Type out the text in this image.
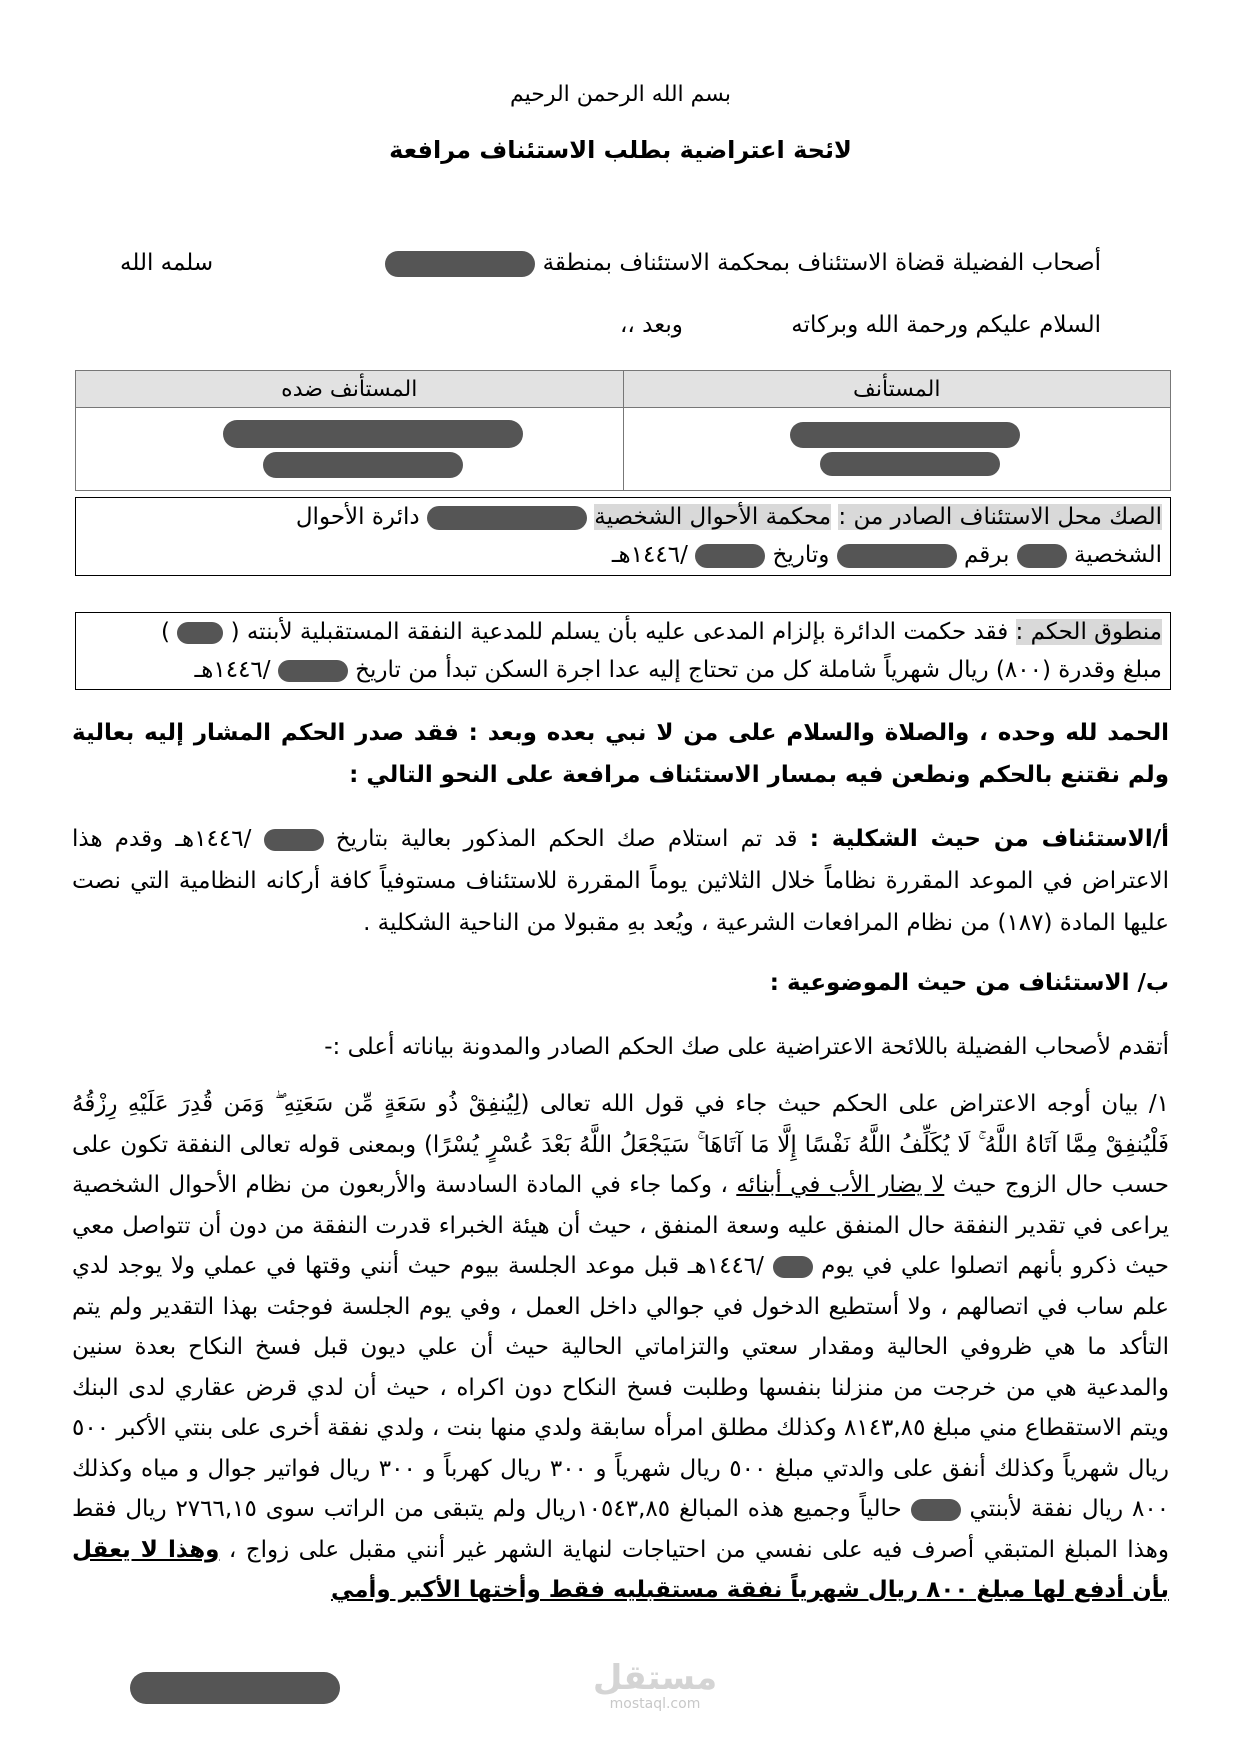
بسم الله الرحمن الرحيم
لائحة اعتراضية بطلب الاستئناف مرافعة
أصحاب الفضيلة قضاة الاستئناف بمحكمة الاستئناف بمنطقة
سلمه الله
السلام عليكم ورحمة الله وبركاته
وبعد ،،
المستأنف	المستأنف ضده

الصك محل الاستئناف الصادر من : محكمة الأحوال الشخصية  دائرة الأحوال
الشخصية  برقم  وتاريخ  /١٤٤٦هـ
منطوق الحكم : فقد حكمت الدائرة بإلزام المدعى عليه بأن يسلم للمدعية النفقة المستقبلية لأبنته (  )
مبلغ وقدرة (٨٠٠) ريال شهرياً شاملة كل من تحتاج إليه عدا اجرة السكن تبدأ من تاريخ  /١٤٤٦هـ
الحمد لله وحده ، والصلاة والسلام على من لا نبي بعده وبعد : فقد صدر الحكم المشار إليه بعالية ولم نقتنع بالحكم ونطعن فيه بمسار الاستئناف مرافعة على النحو التالي :
أ/الاستئناف من حيث الشكلية : قد تم استلام صك الحكم المذكور بعالية بتاريخ  /١٤٤٦هـ وقدم هذا الاعتراض في الموعد المقررة نظاماً خلال الثلاثين يوماً المقررة للاستئناف مستوفياً كافة أركانه النظامية التي نصت عليها المادة (١٨٧) من نظام المرافعات الشرعية ، ويُعد بهِ مقبولا من الناحية الشكلية .
ب/ الاستئناف من حيث الموضوعية :
أتقدم لأصحاب الفضيلة باللائحة الاعتراضية على صك الحكم الصادر والمدونة بياناته أعلى :-
١/ بيان أوجه الاعتراض على الحكم حيث جاء في قول الله تعالى (لِيُنفِقْ ذُو سَعَةٍ مِّن سَعَتِهِ ۖ وَمَن قُدِرَ عَلَيْهِ رِزْقُهُ فَلْيُنفِقْ مِمَّا آتَاهُ اللَّهُ ۚ لَا يُكَلِّفُ اللَّهُ نَفْسًا إِلَّا مَا آتَاهَا ۚ سَيَجْعَلُ اللَّهُ بَعْدَ عُسْرٍ يُسْرًا) وبمعنى قوله تعالى النفقة تكون على حسب حال الزوج حيث لا يضار الأب في أبنائه ، وكما جاء في المادة السادسة والأربعون من نظام الأحوال الشخصية يراعى في تقدير النفقة حال المنفق عليه وسعة المنفق ، حيث أن هيئة الخبراء قدرت النفقة من دون أن تتواصل معي حيث ذكرو بأنهم اتصلوا علي في يوم  /١٤٤٦هـ قبل موعد الجلسة بيوم حيث أنني وقتها في عملي ولا يوجد لدي علم ساب في اتصالهم ، ولا أستطيع الدخول في جوالي داخل العمل ، وفي يوم الجلسة فوجئت بهذا التقدير ولم يتم التأكد ما هي ظروفي الحالية ومقدار سعتي والتزاماتي الحالية حيث أن علي ديون قبل فسخ النكاح بعدة سنين والمدعية هي من خرجت من منزلنا بنفسها وطلبت فسخ النكاح دون اكراه ، حيث أن لدي قرض عقاري لدى البنك ويتم الاستقطاع مني مبلغ ٨١٤٣,٨٥ وكذلك مطلق امرأه سابقة ولدي منها بنت ، ولدي نفقة أخرى على بنتي الأكبر ٥٠٠ ريال شهرياً وكذلك أنفق على والدتي مبلغ ٥٠٠ ريال شهرياً و ٣٠٠ ريال كهرباً و ٣٠٠ ريال فواتير جوال و مياه وكذلك ٨٠٠ ريال نفقة لأبنتي  حالياً وجميع هذه المبالغ ١٠٥٤٣,٨٥ريال ولم يتبقى من الراتب سوى ٢٧٦٦,١٥ ريال فقط وهذا المبلغ المتبقي أصرف فيه على نفسي من احتياجات لنهاية الشهر غير أنني مقبل على زواج ، وهذا لا يعقل بأن أدفع لها مبلغ ٨٠٠ ريال شهرياً نفقة مستقبليه فقط وأختها الأكبر وأمي
مستقل
mostaql.com
